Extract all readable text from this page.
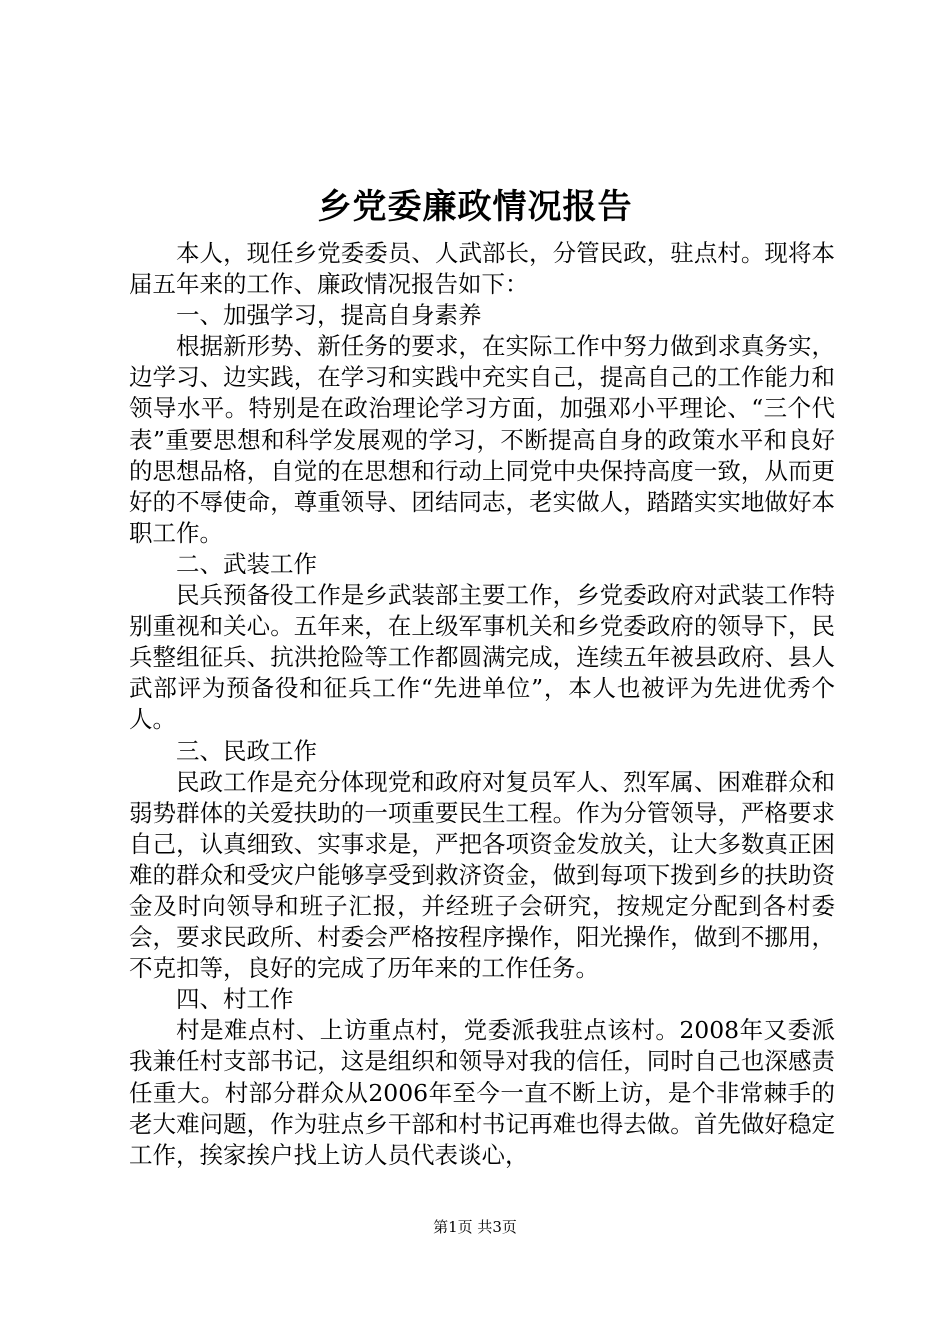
乡党委廉政情况报告

本人，现任乡党委委员、人武部长，分管民政，驻点村。现将本届五年来的工作、廉政情况报告如下：

一、加强学习，提高自身素养

根据新形势、新任务的要求，在实际工作中努力做到求真务实，边学习、边实践，在学习和实践中充实自己，提高自己的工作能力和领导水平。特别是在政治理论学习方面，加强邓小平理论、“三个代表”重要思想和科学发展观的学习，不断提高自身的政策水平和良好的思想品格，自觉的在思想和行动上同党中央保持高度一致，从而更好的不辱使命，尊重领导、团结同志，老实做人，踏踏实实地做好本职工作。

二、武装工作

民兵预备役工作是乡武装部主要工作，乡党委政府对武装工作特别重视和关心。五年来，在上级军事机关和乡党委政府的领导下，民兵整组征兵、抗洪抢险等工作都圆满完成，连续五年被县政府、县人武部评为预备役和征兵工作“先进单位”，本人也被评为先进优秀个人。

三、民政工作

民政工作是充分体现党和政府对复员军人、烈军属、困难群众和弱势群体的关爱扶助的一项重要民生工程。作为分管领导，严格要求自己，认真细致、实事求是，严把各项资金发放关，让大多数真正困难的群众和受灾户能够享受到救济资金，做到每项下拨到乡的扶助资金及时向领导和班子汇报，并经班子会研究，按规定分配到各村委会，要求民政所、村委会严格按程序操作，阳光操作，做到不挪用，不克扣等，良好的完成了历年来的工作任务。

四、村工作

村是难点村、上访重点村，党委派我驻点该村。2008年又委派我兼任村支部书记，这是组织和领导对我的信任，同时自己也深感责任重大。村部分群众从2006年至今一直不断上访，是个非常棘手的老大难问题，作为驻点乡干部和村书记再难也得去做。首先做好稳定工作，挨家挨户找上访人员代表谈心，

第1页 共3页
